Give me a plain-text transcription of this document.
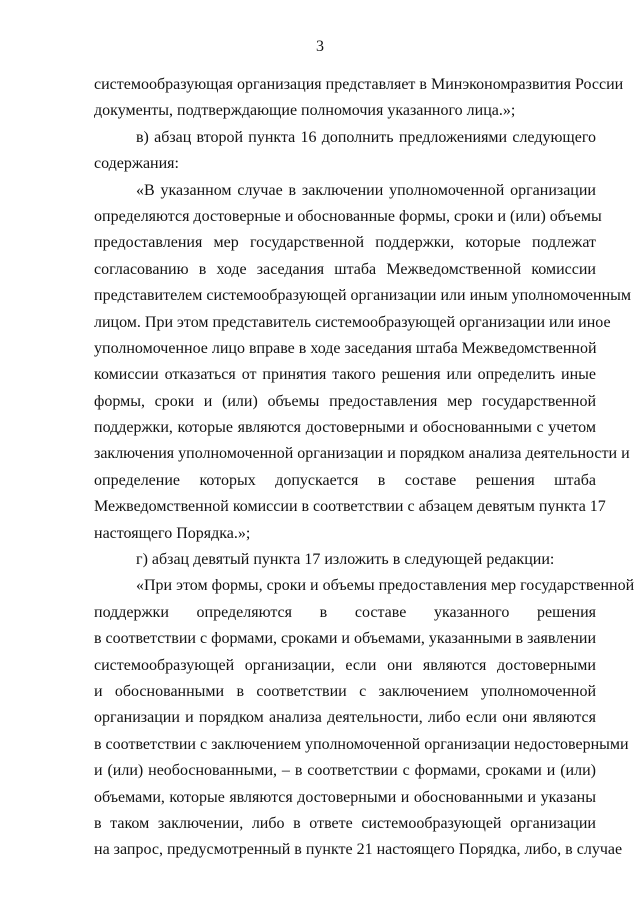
3
системообразующая организация представляет в Минэкономразвития России
документы, подтверждающие полномочия указанного лица.»;
в) абзац второй пункта 16 дополнить предложениями следующего
содержания:
«В указанном случае в заключении уполномоченной организации
определяются достоверные и обоснованные формы, сроки и (или) объемы
предоставления мер государственной поддержки, которые подлежат
согласованию в ходе заседания штаба Межведомственной комиссии
представителем системообразующей организации или иным уполномоченным
лицом. При этом представитель системообразующей организации или иное
уполномоченное лицо вправе в ходе заседания штаба Межведомственной
комиссии отказаться от принятия такого решения или определить иные
формы, сроки и (или) объемы предоставления мер государственной
поддержки, которые являются достоверными и обоснованными с учетом
заключения уполномоченной организации и порядком анализа деятельности и
определение которых допускается в составе решения штаба
Межведомственной комиссии в соответствии с абзацем девятым пункта 17
настоящего Порядка.»;
г) абзац девятый пункта 17 изложить в следующей редакции:
«При этом формы, сроки и объемы предоставления мер государственной
поддержки определяются в составе указанного решения
в соответствии с формами, сроками и объемами, указанными в заявлении
системообразующей организации, если они являются достоверными
и обоснованными в соответствии с заключением уполномоченной
организации и порядком анализа деятельности, либо если они являются
в соответствии с заключением уполномоченной организации недостоверными
и (или) необоснованными, – в соответствии с формами, сроками и (или)
объемами, которые являются достоверными и обоснованными и указаны
в таком заключении, либо в ответе системообразующей организации
на запрос, предусмотренный в пункте 21 настоящего Порядка, либо, в случае
